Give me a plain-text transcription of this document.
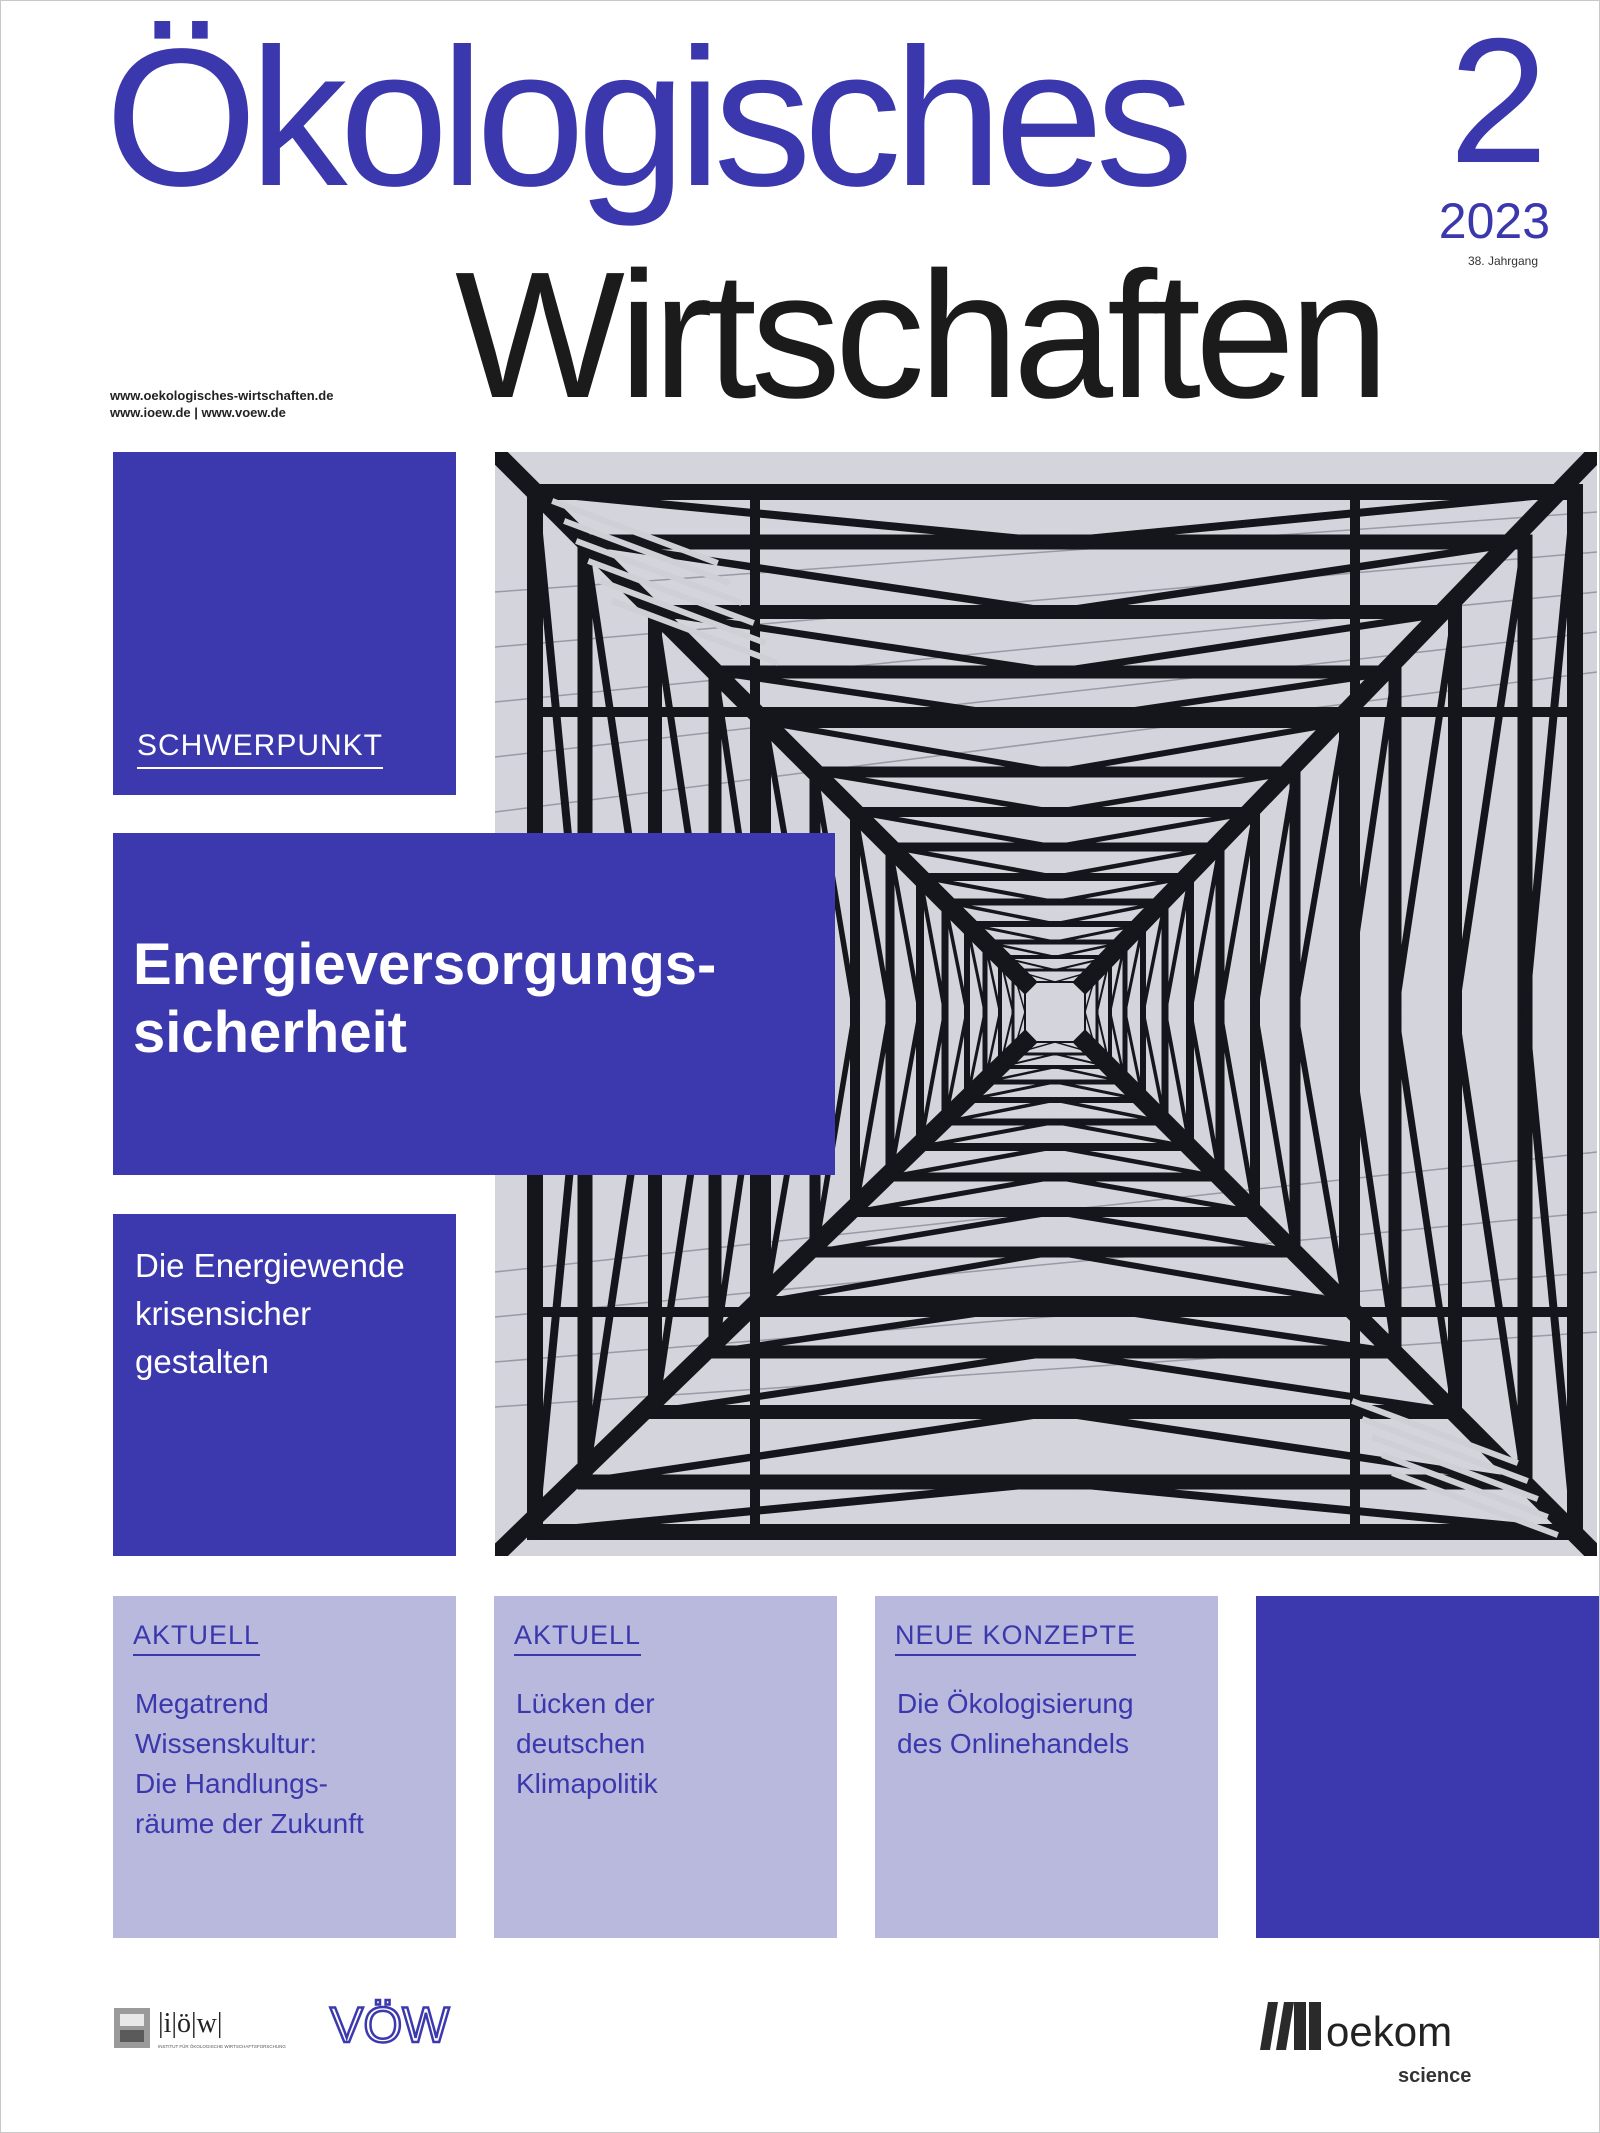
Ökologisches
Wirtschaften
2
2023
38. Jahrgang
www.oekologisches-wirtschaften.de
www.ioew.de | www.voew.de
SCHWERPUNKT
Energieversorgungs-
sicherheit
Die Energiewende
krisensicher
gestalten
AKTUELL
Megatrend
Wissenskultur:
Die Handlungs-
räume der Zukunft
AKTUELL
Lücken der
deutschen
Klimapolitik
NEUE KONZEPTE
Die Ökologisierung
des Onlinehandels
|i|ö|w|
INSTITUT FÜR ÖKOLOGISCHE WIRTSCHAFTSFORSCHUNG VÖW	oekom
science
